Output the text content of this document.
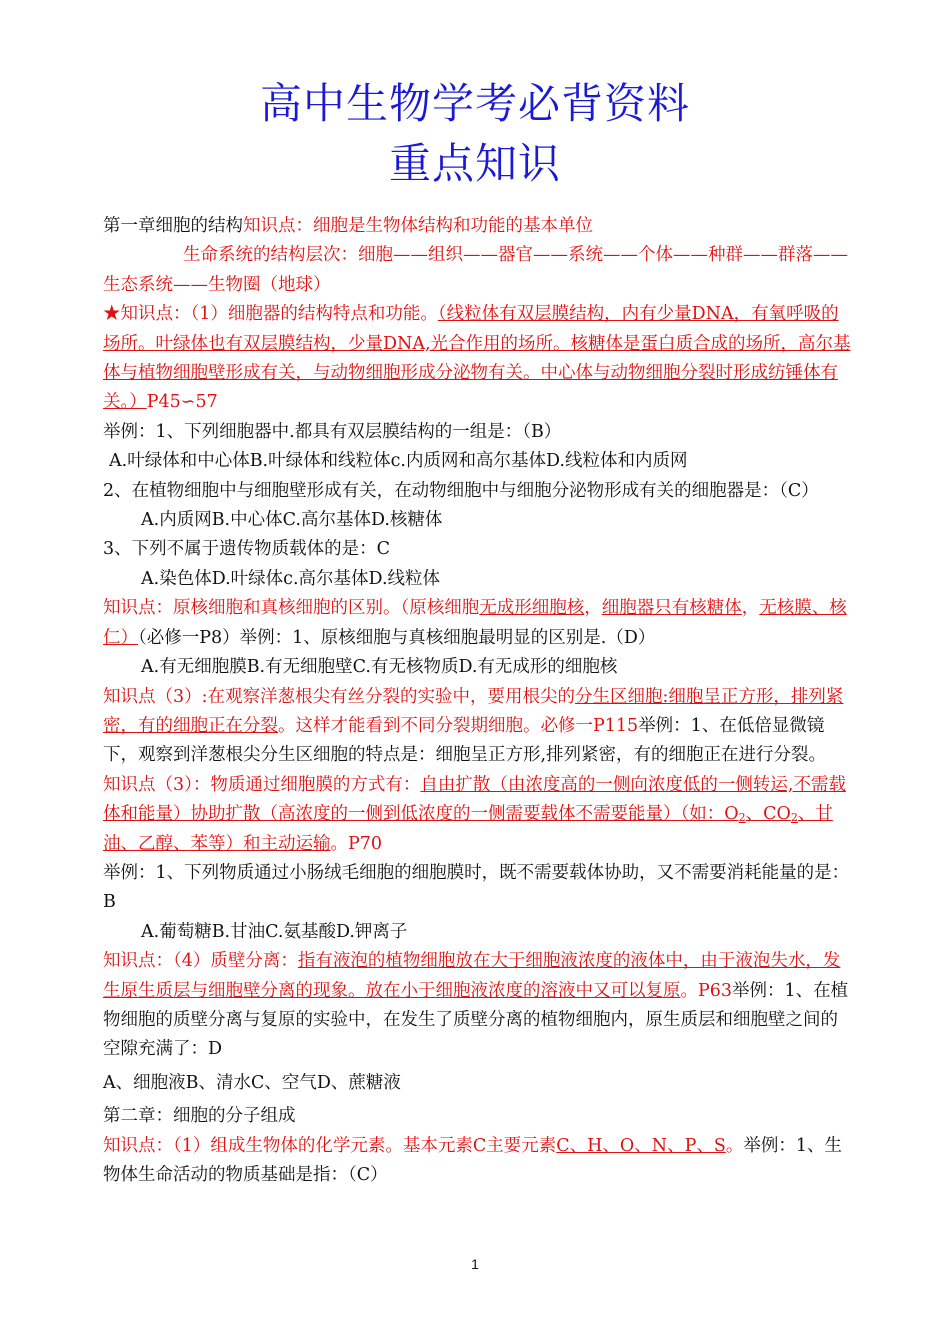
高中生物学考必背资料
重点知识

第一章细胞的结构知识点：细胞是生物体结构和功能的基本单位

生命系统的结构层次：细胞——组织——器官——系统——个体——种群——群落——生态系统——生物圈（地球）

★知识点：（1）细胞器的结构特点和功能。（线粒体有双层膜结构，内有少量DNA，有氧呼吸的场所。叶绿体也有双层膜结构，少量DNA,光合作用的场所。核糖体是蛋白质合成的场所，高尔基体与植物细胞壁形成有关，与动物细胞形成分泌物有关。中心体与动物细胞分裂时形成纺锤体有关。）P45∽57

举例：1、下列细胞器中.都具有双层膜结构的一组是：（B）

A.叶绿体和中心体B.叶绿体和线粒体c.内质网和高尔基体D.线粒体和内质网

2、在植物细胞中与细胞壁形成有关，在动物细胞中与细胞分泌物形成有关的细胞器是：（C）

A.内质网B.中心体C.高尔基体D.核糖体

3、下列不属于遗传物质载体的是：C

A.染色体D.叶绿体c.高尔基体D.线粒体

知识点：原核细胞和真核细胞的区别。（原核细胞无成形细胞核，细胞器只有核糖体，无核膜、核仁）（必修一P8）举例：1、原核细胞与真核细胞最明显的区别是.（D）

A.有无细胞膜B.有无细胞壁C.有无核物质D.有无成形的细胞核

知识点（3）:在观察洋葱根尖有丝分裂的实验中，要用根尖的分生区细胞:细胞呈正方形，排列紧密，有的细胞正在分裂。这样才能看到不同分裂期细胞。必修一P115举例：1、在低倍显微镜下，观察到洋葱根尖分生区细胞的特点是：细胞呈正方形,排列紧密，有的细胞正在进行分裂。

知识点（3）：物质通过细胞膜的方式有：自由扩散（由浓度高的一侧向浓度低的一侧转运,不需载体和能量）协助扩散（高浓度的一侧到低浓度的一侧需要载体不需要能量）（如：$O_2$、$CO_2$、甘油、乙醇、苯等）和主动运输。P70

举例：1、下列物质通过小肠绒毛细胞的细胞膜时，既不需要载体协助，又不需要消耗能量的是：B

A.葡萄糖B.甘油C.氨基酸D.钾离子

知识点：（4）质壁分离：指有液泡的植物细胞放在大于细胞液浓度的液体中，由于液泡失水，发生原生质层与细胞壁分离的现象。放在小于细胞液浓度的溶液中又可以复原。P63举例：1、在植物细胞的质壁分离与复原的实验中，在发生了质壁分离的植物细胞内，原生质层和细胞壁之间的空隙充满了：D

A、细胞液B、清水C、空气D、蔗糖液

第二章：细胞的分子组成

知识点：（1）组成生物体的化学元素。基本元素C主要元素C、H、O、N、P、S。举例：1、生物体生命活动的物质基础是指：（C）

1
